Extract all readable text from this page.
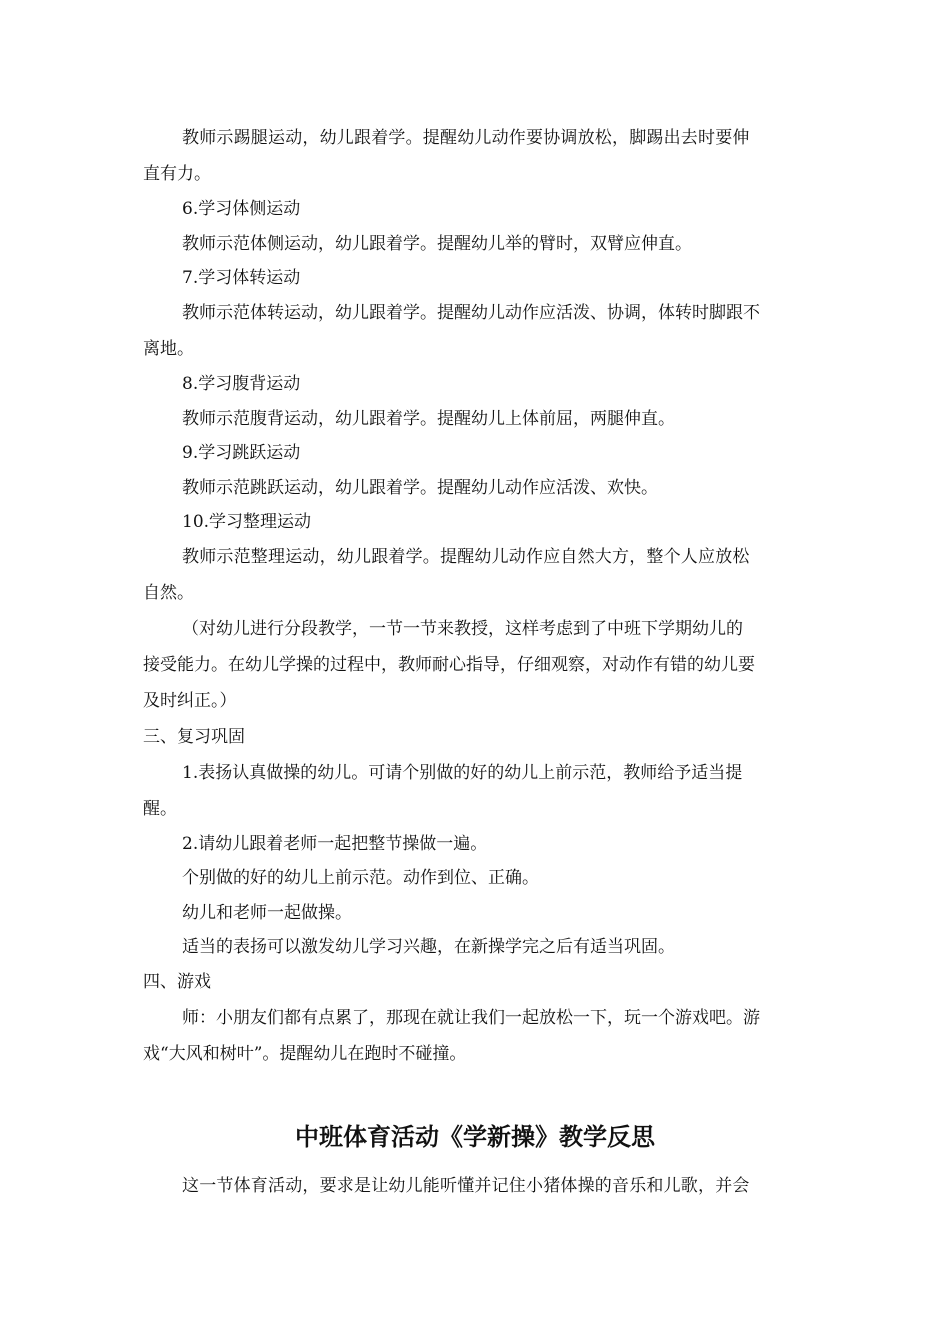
教师示踢腿运动，幼儿跟着学。提醒幼儿动作要协调放松，脚踢出去时要伸
直有力。
6.学习体侧运动
教师示范体侧运动，幼儿跟着学。提醒幼儿举的臂时，双臂应伸直。
7.学习体转运动
教师示范体转运动，幼儿跟着学。提醒幼儿动作应活泼、协调，体转时脚跟不
离地。
8.学习腹背运动
教师示范腹背运动，幼儿跟着学。提醒幼儿上体前屈，两腿伸直。
9.学习跳跃运动
教师示范跳跃运动，幼儿跟着学。提醒幼儿动作应活泼、欢快。
10.学习整理运动
教师示范整理运动，幼儿跟着学。提醒幼儿动作应自然大方，整个人应放松
自然。
（对幼儿进行分段教学，一节一节来教授，这样考虑到了中班下学期幼儿的
接受能力。在幼儿学操的过程中，教师耐心指导，仔细观察，对动作有错的幼儿要
及时纠正。）
三、复习巩固
1.表扬认真做操的幼儿。可请个别做的好的幼儿上前示范，教师给予适当提
醒。
2.请幼儿跟着老师一起把整节操做一遍。
个别做的好的幼儿上前示范。动作到位、正确。
幼儿和老师一起做操。
适当的表扬可以激发幼儿学习兴趣，在新操学完之后有适当巩固。
四、游戏
师：小朋友们都有点累了，那现在就让我们一起放松一下，玩一个游戏吧。游
戏“大风和树叶”。提醒幼儿在跑时不碰撞。
中班体育活动《学新操》教学反思
这一节体育活动，要求是让幼儿能听懂并记住小猪体操的音乐和儿歌，并会
